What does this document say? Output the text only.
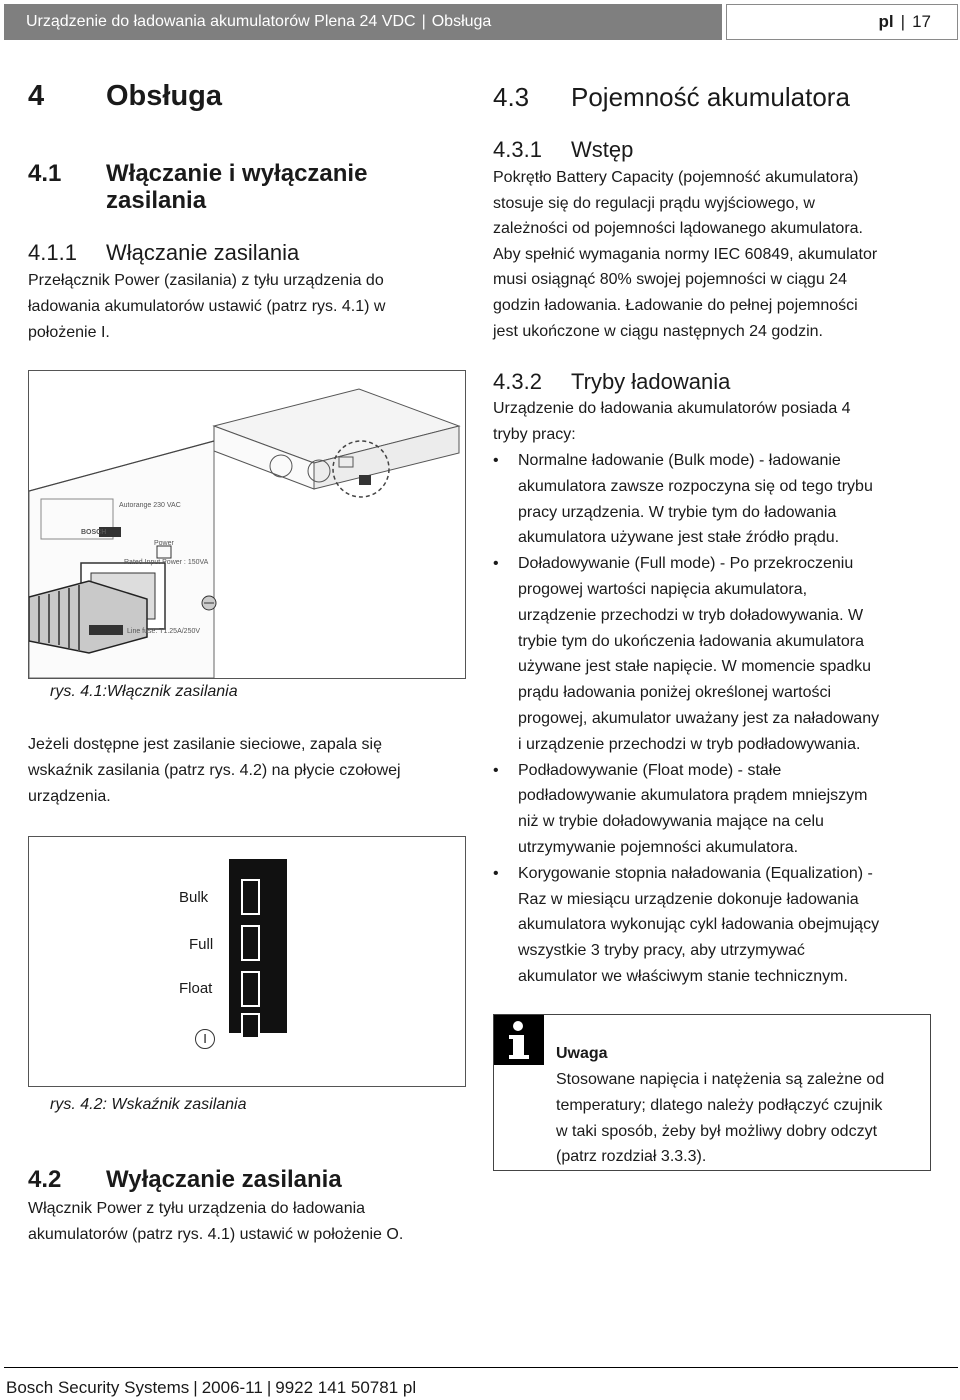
Urządzenie do ładowania akumulatorów Plena 24 VDC | Obsługa	pl | 17
4 Obsługa
4.1 Włączanie i wyłączanie
zasilania
4.1.1 Włączanie zasilania
Przełącznik Power (zasilania) z tyłu urządzenia do
ładowania akumulatorów ustawić (patrz rys. 4.1) w
położenie I.
Autorange 230 VAC
Power
Rated Input Power : 150VA
Line fuse: T1.25A/250V
BOSCH
rys. 4.1:Włącznik zasilania
Jeżeli dostępne jest zasilanie sieciowe, zapala się
wskaźnik zasilania (patrz rys. 4.2) na płycie czołowej
urządzenia.
Bulk
Full
Float
I
rys. 4.2: Wskaźnik zasilania
4.2 Wyłączanie zasilania
Włącznik Power z tyłu urządzenia do ładowania
akumulatorów (patrz rys. 4.1) ustawić w położenie O.
4.3 Pojemność akumulatora
4.3.1 Wstęp
Pokrętło Battery Capacity (pojemność akumulatora)
stosuje się do regulacji prądu wyjściowego, w
zależności od pojemności lądowanego akumulatora.
Aby spełnić wymagania normy IEC 60849, akumulator
musi osiągnąć 80% swojej pojemności w ciągu 24
godzin ładowania. Ładowanie do pełnej pojemności
jest ukończone w ciągu następnych 24 godzin.
4.3.2 Tryby ładowania
Urządzenie do ładowania akumulatorów posiada 4
tryby pracy:
• Normalne ładowanie (Bulk mode) - ładowanie
akumulatora zawsze rozpoczyna się od tego trybu
pracy urządzenia. W trybie tym do ładowania
akumulatora używane jest stałe źródło prądu.
• Doładowywanie (Full mode) - Po przekroczeniu
progowej wartości napięcia akumulatora,
urządzenie przechodzi w tryb doładowywania. W
trybie tym do ukończenia ładowania akumulatora
używane jest stałe napięcie. W momencie spadku
prądu ładowania poniżej określonej wartości
progowej, akumulator uważany jest za naładowany
i urządzenie przechodzi w tryb podładowywania.
• Podładowywanie (Float mode) - stałe
podładowywanie akumulatora prądem mniejszym
niż w trybie doładowywania mające na celu
utrzymywanie pojemności akumulatora.
• Korygowanie stopnia naładowania (Equalization) -
Raz w miesiącu urządzenie dokonuje ładowania
akumulatora wykonując cykl ładowania obejmujący
wszystkie 3 tryby pracy, aby utrzymywać
akumulator we właściwym stanie technicznym.
Uwaga
Stosowane napięcia i natężenia są zależne od
temperatury; dlatego należy podłączyć czujnik
w taki sposób, żeby był możliwy dobry odczyt
(patrz rozdział 3.3.3).
Bosch Security Systems | 2006-11 | 9922 141 50781 pl
